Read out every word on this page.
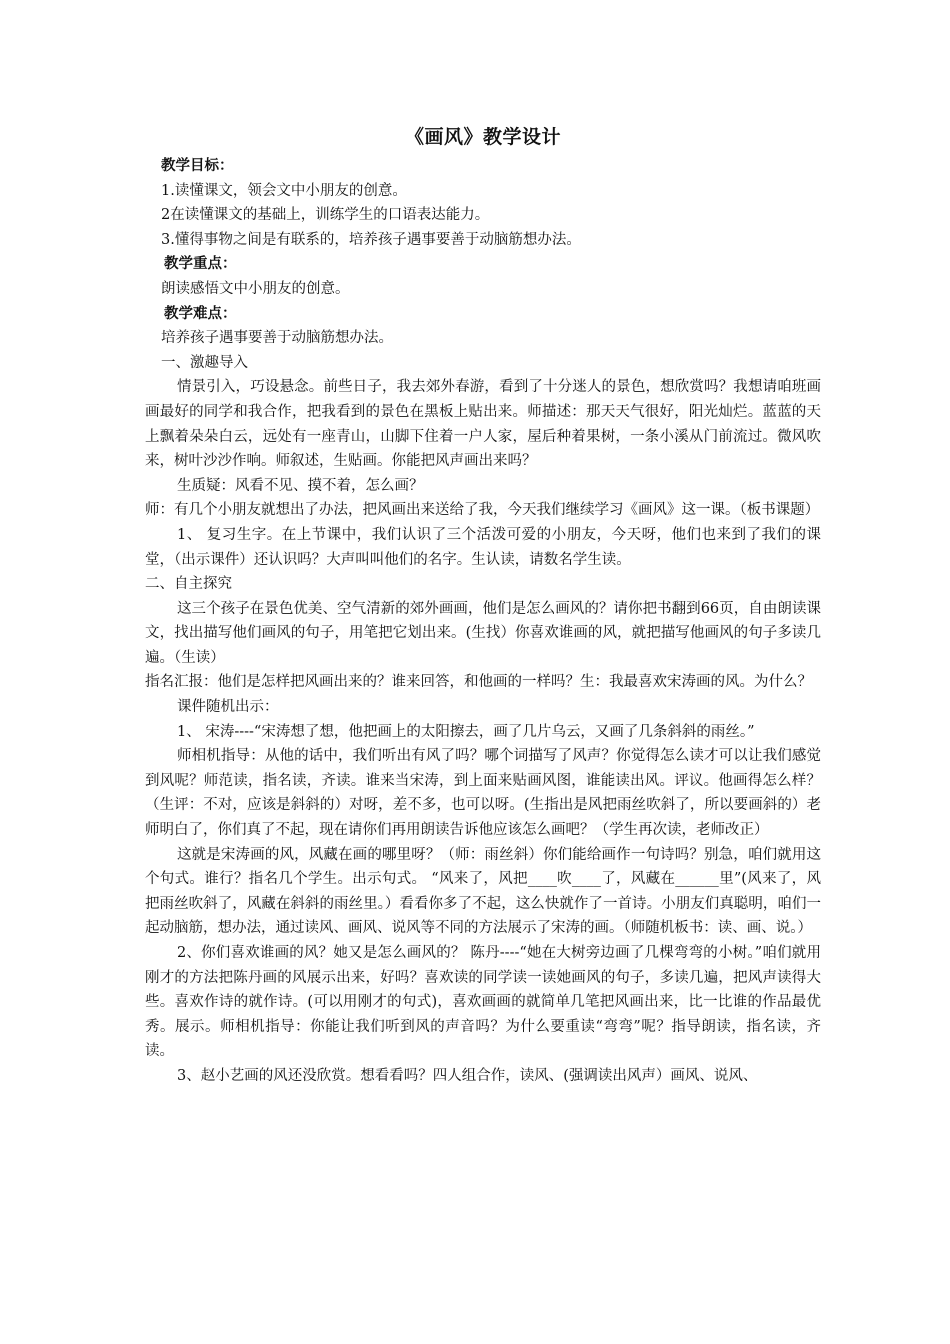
《画风》教学设计

教学目标：

1.读懂课文，领会文中小朋友的创意。

2在读懂课文的基础上，训练学生的口语表达能力。

3.懂得事物之间是有联系的，培养孩子遇事要善于动脑筋想办法。

教学重点：

朗读感悟文中小朋友的创意。

教学难点：

培养孩子遇事要善于动脑筋想办法。

一、激趣导入

情景引入，巧设悬念。前些日子，我去郊外春游，看到了十分迷人的景色，想欣赏吗？我想请咱班画画最好的同学和我合作，把我看到的景色在黑板上贴出来。师描述：那天天气很好，阳光灿烂。蓝蓝的天上飘着朵朵白云，远处有一座青山，山脚下住着一户人家，屋后种着果树，一条小溪从门前流过。微风吹来，树叶沙沙作响。师叙述，生贴画。你能把风声画出来吗？

生质疑：风看不见、摸不着，怎么画？

师：有几个小朋友就想出了办法，把风画出来送给了我，今天我们继续学习《画风》这一课。（板书课题）

1、 复习生字。在上节课中，我们认识了三个活泼可爱的小朋友，今天呀，他们也来到了我们的课堂，（出示课件）还认识吗？大声叫叫他们的名字。生认读，请数名学生读。

二、自主探究

这三个孩子在景色优美、空气清新的郊外画画，他们是怎么画风的？请你把书翻到66页，自由朗读课文，找出描写他们画风的句子，用笔把它划出来。(生找）你喜欢谁画的风，就把描写他画风的句子多读几遍。（生读）

指名汇报：他们是怎样把风画出来的？谁来回答，和他画的一样吗？生：我最喜欢宋涛画的风。为什么？

课件随机出示：

1、 宋涛----“宋涛想了想，他把画上的太阳擦去，画了几片乌云，又画了几条斜斜的雨丝。”

师相机指导：从他的话中，我们听出有风了吗？哪个词描写了风声？你觉得怎么读才可以让我们感觉到风呢？师范读，指名读，齐读。谁来当宋涛，到上面来贴画风图，谁能读出风。评议。他画得怎么样？（生评：不对，应该是斜斜的）对呀，差不多，也可以呀。(生指出是风把雨丝吹斜了，所以要画斜的）老师明白了，你们真了不起，现在请你们再用朗读告诉他应该怎么画吧？（学生再次读，老师改正）

这就是宋涛画的风，风藏在画的哪里呀？（师：雨丝斜）你们能给画作一句诗吗？别急，咱们就用这个句式。谁行？指名几个学生。出示句式。 “风来了，风把____吹____了，风藏在______里”(风来了，风把雨丝吹斜了，风藏在斜斜的雨丝里。）看看你多了不起，这么快就作了一首诗。小朋友们真聪明，咱们一起动脑筋，想办法，通过读风、画风、说风等不同的方法展示了宋涛的画。（师随机板书：读、画、说。）

2、你们喜欢谁画的风？她又是怎么画风的？ 陈丹----“她在大树旁边画了几棵弯弯的小树。”咱们就用刚才的方法把陈丹画的风展示出来，好吗？喜欢读的同学读一读她画风的句子，多读几遍，把风声读得大些。喜欢作诗的就作诗。(可以用刚才的句式)，喜欢画画的就简单几笔把风画出来，比一比谁的作品最优秀。展示。师相机指导：你能让我们听到风的声音吗？为什么要重读“弯弯”呢？指导朗读，指名读，齐读。

3、赵小艺画的风还没欣赏。想看看吗？四人组合作，读风、(强调读出风声）画风、说风、
